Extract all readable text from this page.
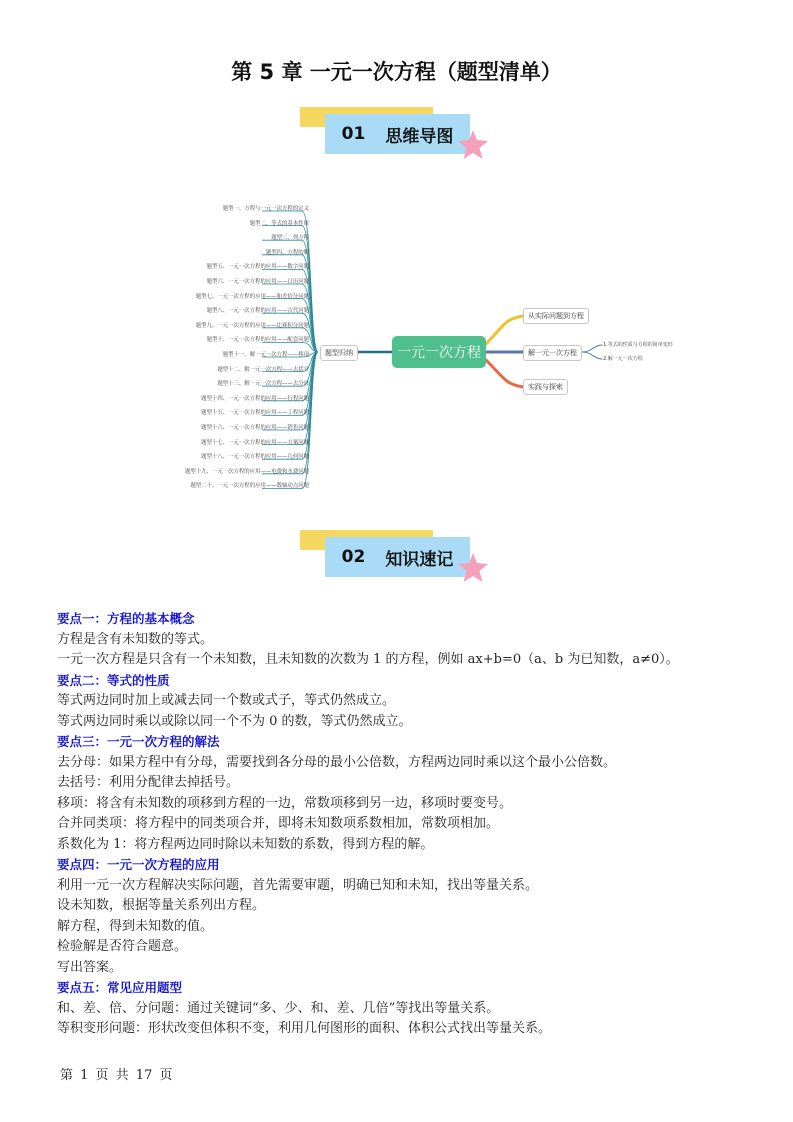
第 5 章 一元一次方程（题型清单）
01 思维导图
题型一、方程与一元一次方程的定义
题型二、等式的基本性质
题型三、列方程
题型四、方程的解
题型五、一元一次方程的应用——数字问题
题型六、一元一次方程的应用——日历问题
题型七、一元一次方程的应用——和差倍分问题
题型八、一元一次方程的应用——古代问题
题型九、一元一次方程的应用——比赛积分问题
题型十、一元一次方程的应用——配套问题
题型十一、解一元一次方程——移项
题型十二、解一元一次方程——去括号
题型十三、解一元一次方程——去分母
题型十四、一元一次方程的应用——行程问题
题型十五、一元一次方程的应用——工程问题
题型十六、一元一次方程的应用——销售问题
题型十七、一元一次方程的应用——方案问题
题型十八、一元一次方程的应用——几何问题
题型十九、一元一次方程的应用——电费和水费问题
题型二十、一元一次方程的应用——数轴动点问题
题型归纳	一元一次方程
从实际问题到方程
解一元一次方程
实践与探索
1.等式的性质与方程的简单变形
2.解一元一次方程
02 知识速记
要点一：方程的基本概念
方程是含有未知数的等式。
一元一次方程是只含有一个未知数，且未知数的次数为 1 的方程，例如 ax+b=0（a、b 为已知数，a≠0）。
要点二：等式的性质
等式两边同时加上或减去同一个数或式子，等式仍然成立。
等式两边同时乘以或除以同一个不为 0 的数，等式仍然成立。
要点三：一元一次方程的解法
去分母：如果方程中有分母，需要找到各分母的最小公倍数，方程两边同时乘以这个最小公倍数。
去括号：利用分配律去掉括号。
移项：将含有未知数的项移到方程的一边，常数项移到另一边，移项时要变号。
合并同类项：将方程中的同类项合并，即将未知数项系数相加，常数项相加。
系数化为 1：将方程两边同时除以未知数的系数，得到方程的解。
要点四：一元一次方程的应用
利用一元一次方程解决实际问题，首先需要审题，明确已知和未知，找出等量关系。
设未知数，根据等量关系列出方程。
解方程，得到未知数的值。
检验解是否符合题意。
写出答案。
要点五：常见应用题型
和、差、倍、分问题：通过关键词“多、少、和、差、几倍”等找出等量关系。
等积变形问题：形状改变但体积不变，利用几何图形的面积、体积公式找出等量关系。
第 1 页 共 17 页
